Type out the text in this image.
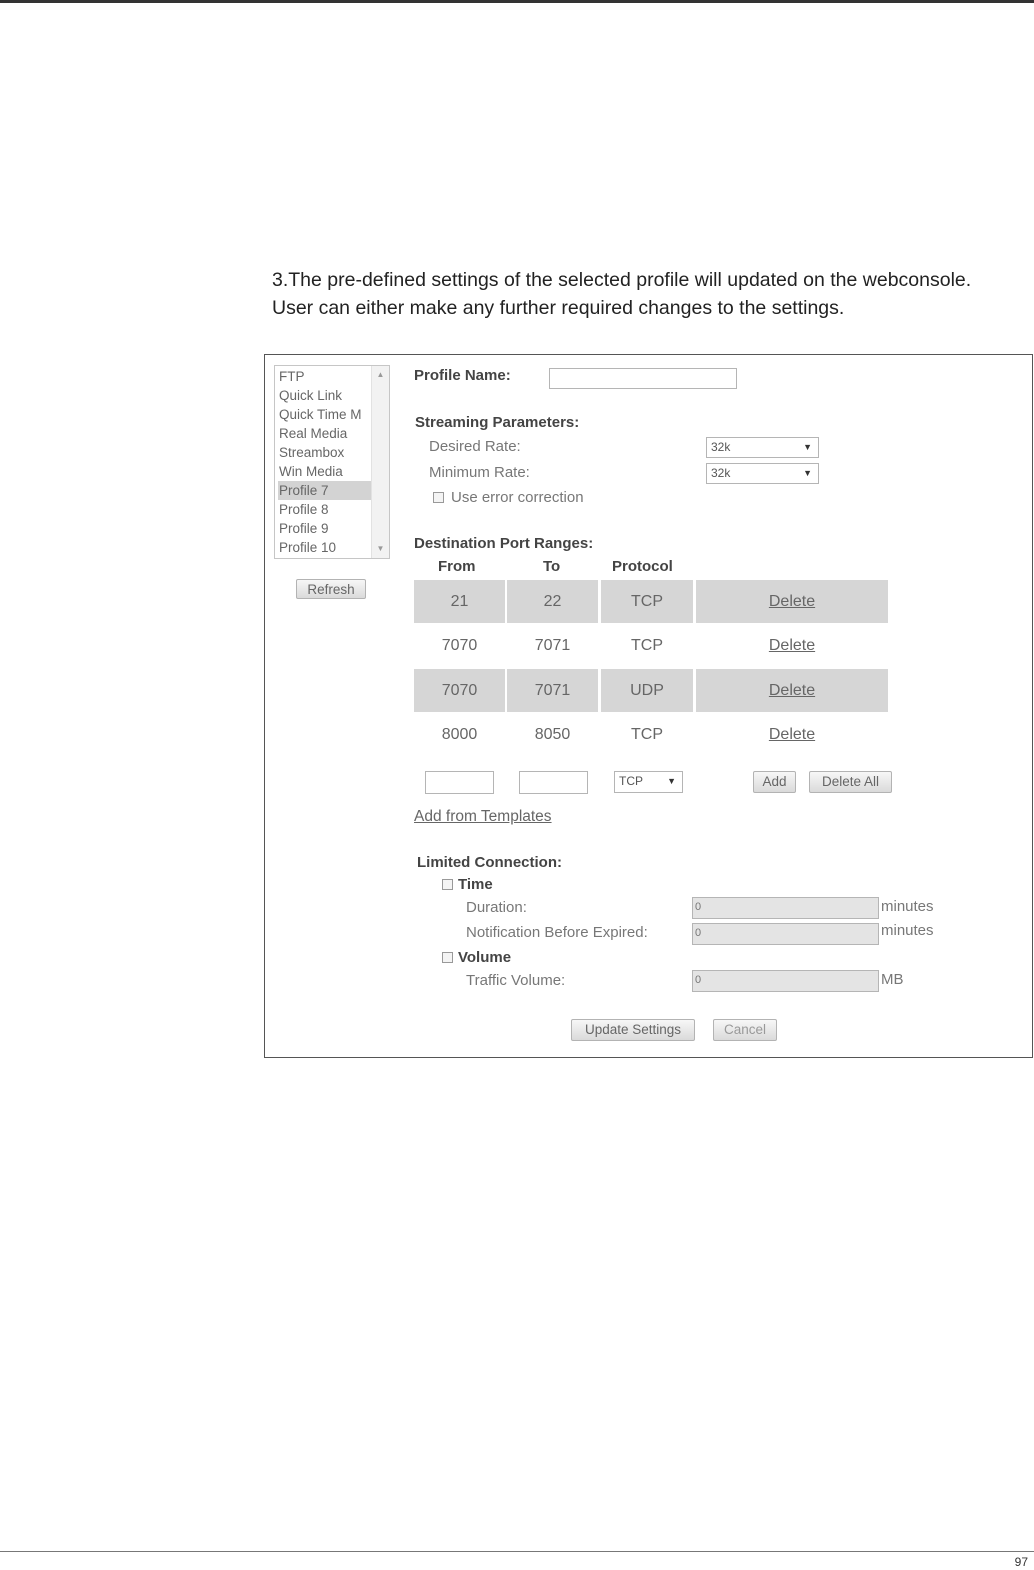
3.The pre-defined settings of the selected profile will updated on the webconsole.
User can either make any further required changes to the settings.
FTP
Quick Link
Quick Time M
Real Media
Streambox
Win Media
Profile 7
Profile 8
Profile 9
Profile 10
▲
▼
Refresh
Profile Name:
Streaming Parameters:
Desired Rate:	32k	▼
Minimum Rate:	32k	▼
Use error correction
Destination Port Ranges:
From	To	Protocol
21	22	TCP	Delete
7070	7071	TCP	Delete
7070	7071	UDP	Delete
8000	8050	TCP	Delete
TCP	▼	Add	Delete All
Add from Templates
Limited Connection:
Time
Duration:	0	minutes
Notification Before Expired:	0	minutes
Volume
Traffic Volume:	0	MB
Update Settings	Cancel
97
